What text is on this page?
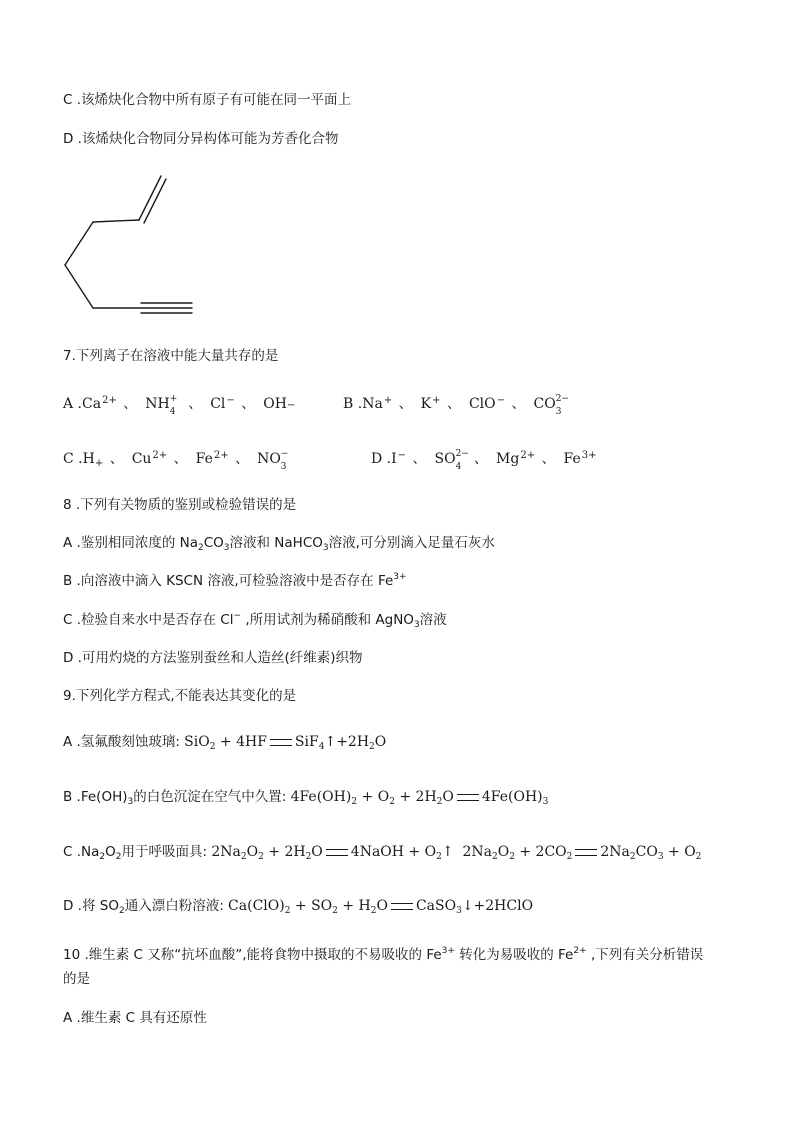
C .该烯炔化合物中所有原子有可能在同一平面上
D .该烯炔化合物同分异构体可能为芳香化合物
7.下列离子在溶液中能大量共存的是
A $.Ca^{2+}$ 、 NH +
4 、 Cl− 、 OH−	B .Na+ 、 K+ 、 ClO− 、 CO 2−
3
C $.H_+$ 、 $Cu^{2+}$ 、 $Fe^{2+}$ 、 NO −
3	D .I− 、 SO 2−
4 、 $Mg^{2+}$ 、 $Fe^{3+}$
8 .下列有关物质的鉴别或检验错误的是
A .鉴别相同浓度的 $Na_2CO_3$溶液和 NaHCO$_3$溶液,可分别滴入足量石灰水
B .向溶液中滴入 KSCN 溶液,可检验溶液中是否存在 $Fe^{3+}$
C .检验自来水中是否存在 Cl− ,所用试剂为稀硝酸和 AgNO$_3$溶液
D .可用灼烧的方法鉴别蚕丝和人造丝(纤维素)织物
9.下列化学方程式,不能表达其变化的是
A .氢氟酸刻蚀玻璃: SiO$_2$ + 4HF $SiF_4↑+2H_2O$
B $.Fe(OH)_3$的白色沉淀在空气中久置: $4Fe(OH)_2 + O_2 + 2H_2O$ $4Fe(OH)_3$
C $.Na_2O_2$用于呼吸面具: $2Na_2O_2 + 2H_2O$ 4NaOH + $O_2↑$  $2Na_2O_2 + 2CO_2$ $2Na_2CO_3 + O_2$
D .将 $SO_2$通入漂白粉溶液: $Ca(ClO)_2 + SO_2 + H_2O$ CaSO$_3$↓+2HClO
10 .维生素 C 又称“抗坏血酸”,能将食物中摄取的不易吸收的 $Fe^{3+}$ 转化为易吸收的 $Fe^{2+}$ ,下列有关分析错误
的是
A .维生素 C 具有还原性
